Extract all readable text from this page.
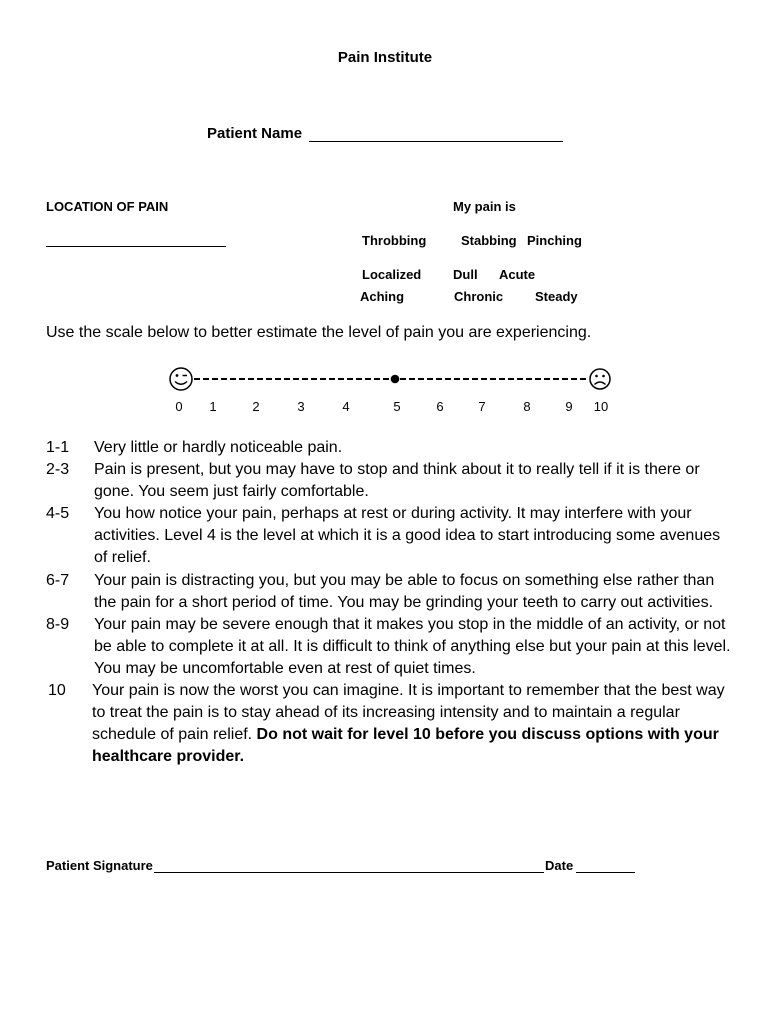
Pain Institute
Patient Name
LOCATION OF PAIN	My pain is
Throbbing	Stabbing Pinching
Localized Dull Acute
Aching	Chronic Steady
Use the scale below to better estimate the level of pain you are experiencing.
0 1	2	3	4	5	6	7	8	9 10
1-1	Very little or hardly noticeable pain.
2-3	Pain is present, but you may have to stop and think about it to really tell if it is there or gone. You seem just fairly comfortable.
4-5	You how notice your pain, perhaps at rest or during activity. It may interfere with your activities. Level 4 is the level at which it is a good idea to start introducing some avenues of relief.
6-7	Your pain is distracting you, but you may be able to focus on something else rather than the pain for a short period of time. You may be grinding your teeth to carry out activities.
8-9	Your pain may be severe enough that it makes you stop in the middle of an activity, or not be able to complete it at all. It is difficult to think of anything else but your pain at this level. You may be uncomfortable even at rest of quiet times.
10	Your pain is now the worst you can imagine. It is important to remember that the best way to treat the pain is to stay ahead of its increasing intensity and to maintain a regular schedule of pain relief. Do not wait for level 10 before you discuss options with your healthcare provider.
Patient Signature	Date
